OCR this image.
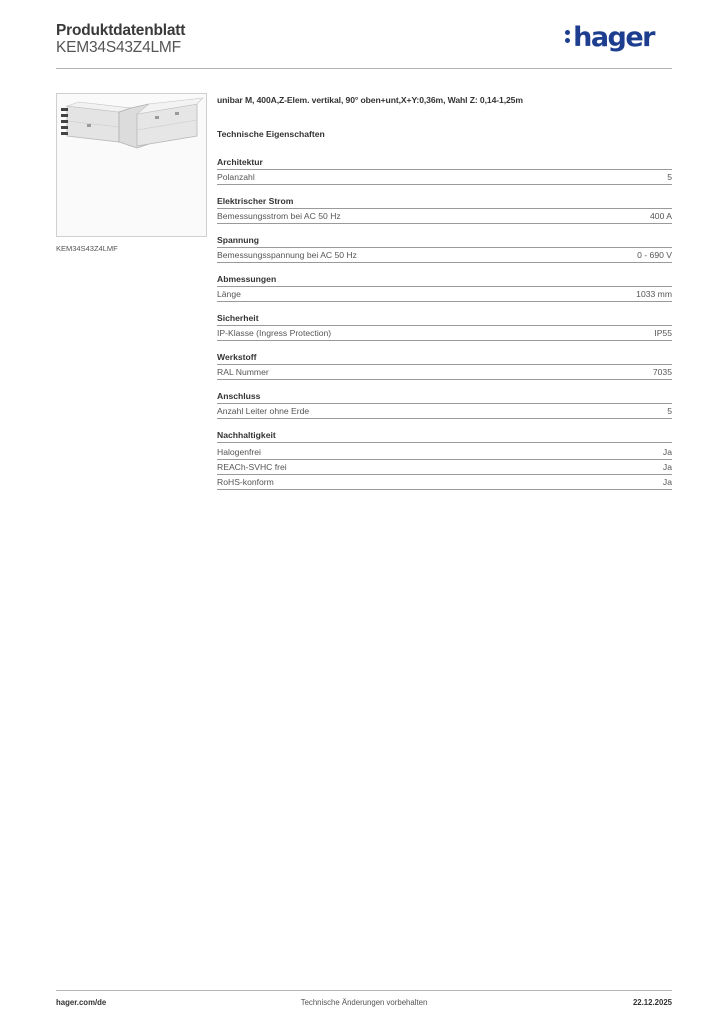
Produktdatenblatt
KEM34S43Z4LMF	hager
KEM34S43Z4LMF
unibar M, 400A,Z-Elem. vertikal, 90° oben+unt,X+Y:0,36m, Wahl Z: 0,14-1,25m
Technische Eigenschaften
Architektur
Polanzahl	5
Elektrischer Strom
Bemessungsstrom bei AC 50 Hz	400 A
Spannung
Bemessungsspannung bei AC 50 Hz	0 - 690 V
Abmessungen
Länge	1033 mm
Sicherheit
IP-Klasse (Ingress Protection)	IP55
Werkstoff
RAL Nummer	7035
Anschluss
Anzahl Leiter ohne Erde	5
Nachhaltigkeit
Halogenfrei	Ja
REACh-SVHC frei	Ja
RoHS-konform	Ja
hager.com/de	Technische Änderungen vorbehalten	22.12.2025
